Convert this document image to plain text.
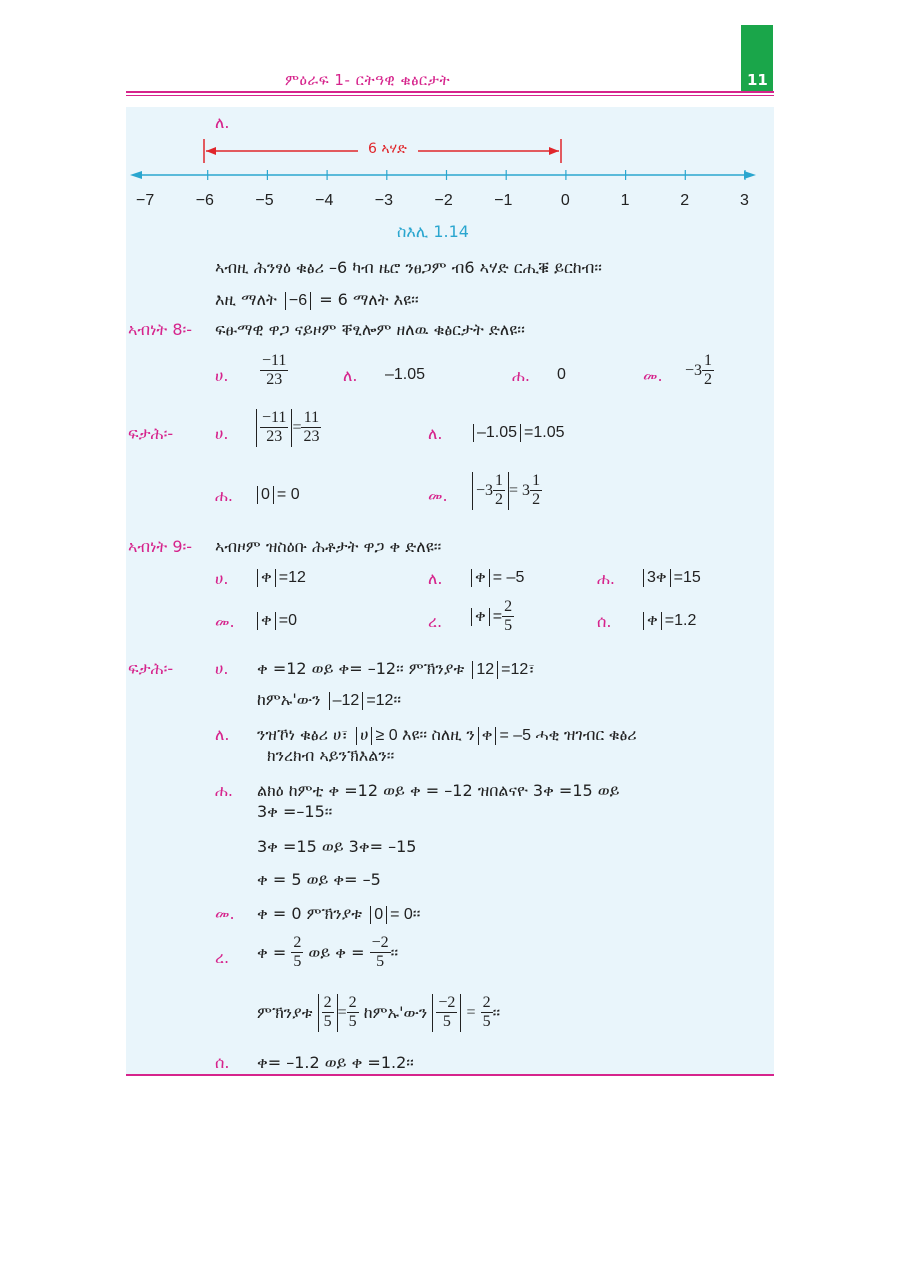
11
ምዕራፍ 1- ርትዓዊ ቁፅርታት
ለ.
6 ኣሃድ
−7	−6	−5	−4	−3	−2	−1	0	1	2	3
ስእሊ 1.14
ኣብዚ ሕንፃዕ ቁፅሪ –6 ካብ ዜሮ ንፀጋም ብ6 ኣሃድ ርሒቑ ይርከብ፡፡
እዚ ማለት −6 = 6 ማለት እዩ፡፡
ኣብነት 8፡- ፍፁማዊ ዋጋ ናይዞም ቐፂሎም ዘለዉ ቁፅርታት ድለዩ፡፡
ሀ. $\frac{-11}{23}$	ለ. –1.05	ሐ. 0	መ. $-3 \frac{1}{2}$
ፍታሕ፡-	ሀ. $\frac{-11}{23} = \frac{11}{23}$	ለ.	–1.05 =1.05
ሐ.	0 = 0	መ. $-3 \frac{1}{2} = 3 \frac{1}{2}$
ኣብነት 9፡- ኣብዞም ዝስዕቡ ሕቶታት ዋጋ ቀ ድለዩ፡፡
ሀ.	ቀ =12	ለ.	ቀ = –5	ሐ.	3ቀ =15
መ.	ቀ =0	ረ.	ቀ = $\frac{2}{5}$	ሰ.	ቀ =1.2
ፍታሕ፡-	ሀ. ቀ =12 ወይ ቀ= –12፡፡ ምኽንያቱ 12 =12፣
ከምኡ'ውን –12 =12፡፡
ለ. ንዝኾነ ቁፅሪ ሀ፣ ሀ ≥ 0 እዩ፡፡ ስለዚ ን ቀ = –5 ሓቂ ዝገብር ቁፅሪ
ክንረክብ ኣይንኽእልን፡፡
ሐ. ልክዕ ከምቲ ቀ =12 ወይ ቀ = –12 ዝበልናዮ 3ቀ =15 ወይ
3ቀ =–15፡፡
3ቀ =15 ወይ 3ቀ= –15
ቀ = 5 ወይ ቀ= –5
መ. ቀ = 0 ምኽንያቱ 0 = 0፡፡
ረ. ቀ = $\frac{2}{5}$ ወይ ቀ = $\frac{-2}{5}$ ፡፡
ምኽንያቱ $\frac{2}{5} = \frac{2}{5}$ ከምኡ'ውን $\frac{-2}{5} = \frac{2}{5}$ ፡፡
ሰ. ቀ= –1.2 ወይ ቀ =1.2፡፡
